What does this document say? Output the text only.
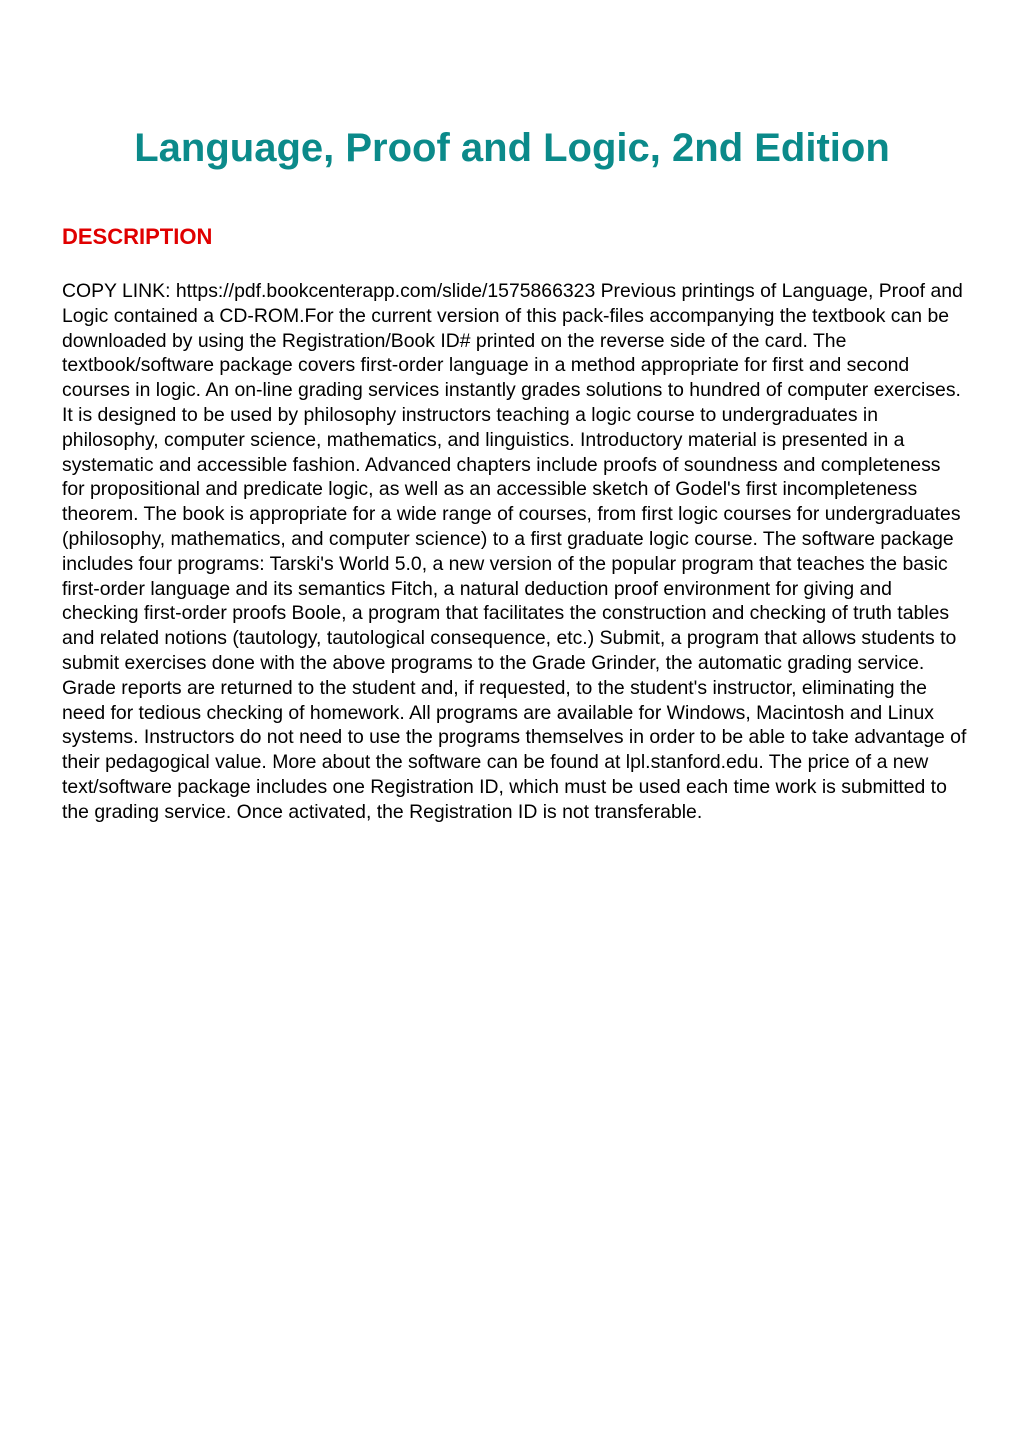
Language, Proof and Logic, 2nd Edition
DESCRIPTION

COPY LINK: https://pdf.bookcenterapp.com/slide/1575866323 Previous printings of Language, Proof and Logic contained a CD-ROM.For the current version of this pack-files accompanying the textbook can be downloaded by using the Registration/Book ID# printed on the reverse side of the card. The textbook/software package covers first-order language in a method appropriate for first and second courses in logic. An on-line grading services instantly grades solutions to hundred of computer exercises. It is designed to be used by philosophy instructors teaching a logic course to undergraduates in philosophy, computer science, mathematics, and linguistics. Introductory material is presented in a systematic and accessible fashion. Advanced chapters include proofs of soundness and completeness for propositional and predicate logic, as well as an accessible sketch of Godel's first incompleteness theorem. The book is appropriate for a wide range of courses, from first logic courses for undergraduates (philosophy, mathematics, and computer science) to a first graduate logic course. The software package includes four programs: Tarski's World 5.0, a new version of the popular program that teaches the basic first-order language and its semantics Fitch, a natural deduction proof environment for giving and checking first-order proofs Boole, a program that facilitates the construction and checking of truth tables and related notions (tautology, tautological consequence, etc.) Submit, a program that allows students to submit exercises done with the above programs to the Grade Grinder, the automatic grading service. Grade reports are returned to the student and, if requested, to the student's instructor, eliminating the need for tedious checking of homework. All programs are available for Windows, Macintosh and Linux systems. Instructors do not need to use the programs themselves in order to be able to take advantage of their pedagogical value. More about the software can be found at lpl.stanford.edu. The price of a new text/software package includes one Registration ID, which must be used each time work is submitted to the grading service. Once activated, the Registration ID is not transferable.
